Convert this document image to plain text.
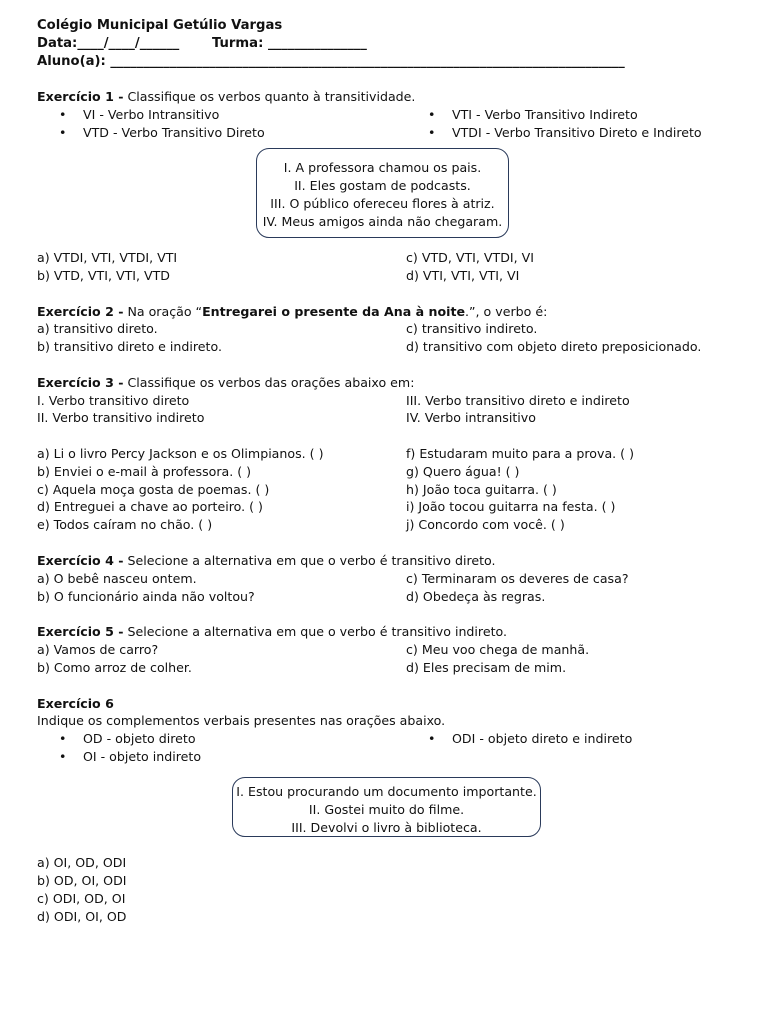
Colégio Municipal Getúlio Vargas
Data:____/____/______ Turma: _______________
Aluno(a): ______________________________________________________________________________
Exercício 1 - Classifique os verbos quanto à transitividade.
• VI - Verbo Intransitivo
• VTD - Verbo Transitivo Direto
• VTI - Verbo Transitivo Indireto
• VTDI - Verbo Transitivo Direto e Indireto
I. A professora chamou os pais.
II. Eles gostam de podcasts.
III. O público ofereceu flores à atriz.
IV. Meus amigos ainda não chegaram.
a) VTDI, VTI, VTDI, VTI
b) VTD, VTI, VTI, VTD
c) VTD, VTI, VTDI, VI
d) VTI, VTI, VTI, VI
Exercício 2 - Na oração “Entregarei o presente da Ana à noite.”, o verbo é:
a) transitivo direto.
b) transitivo direto e indireto.
c) transitivo indireto.
d) transitivo com objeto direto preposicionado.
Exercício 3 - Classifique os verbos das orações abaixo em:
I. Verbo transitivo direto
II. Verbo transitivo indireto
III. Verbo transitivo direto e indireto
IV. Verbo intransitivo
a) Li o livro Percy Jackson e os Olimpianos. ( )
b) Enviei o e-mail à professora. ( )
c) Aquela moça gosta de poemas. ( )
d) Entreguei a chave ao porteiro. ( )
e) Todos caíram no chão. ( )
f) Estudaram muito para a prova. ( )
g) Quero água! ( )
h) João toca guitarra. ( )
i) João tocou guitarra na festa. ( )
j) Concordo com você. ( )
Exercício 4 - Selecione a alternativa em que o verbo é transitivo direto.
a) O bebê nasceu ontem.
b) O funcionário ainda não voltou?
c) Terminaram os deveres de casa?
d) Obedeça às regras.
Exercício 5 - Selecione a alternativa em que o verbo é transitivo indireto.
a) Vamos de carro?
b) Como arroz de colher.
c) Meu voo chega de manhã.
d) Eles precisam de mim.
Exercício 6
Indique os complementos verbais presentes nas orações abaixo.
• OD - objeto direto
• OI - objeto indireto
• ODI - objeto direto e indireto
I. Estou procurando um documento importante.
II. Gostei muito do filme.
III. Devolvi o livro à biblioteca.
a) OI, OD, ODI
b) OD, OI, ODI
c) ODI, OD, OI
d) ODI, OI, OD
